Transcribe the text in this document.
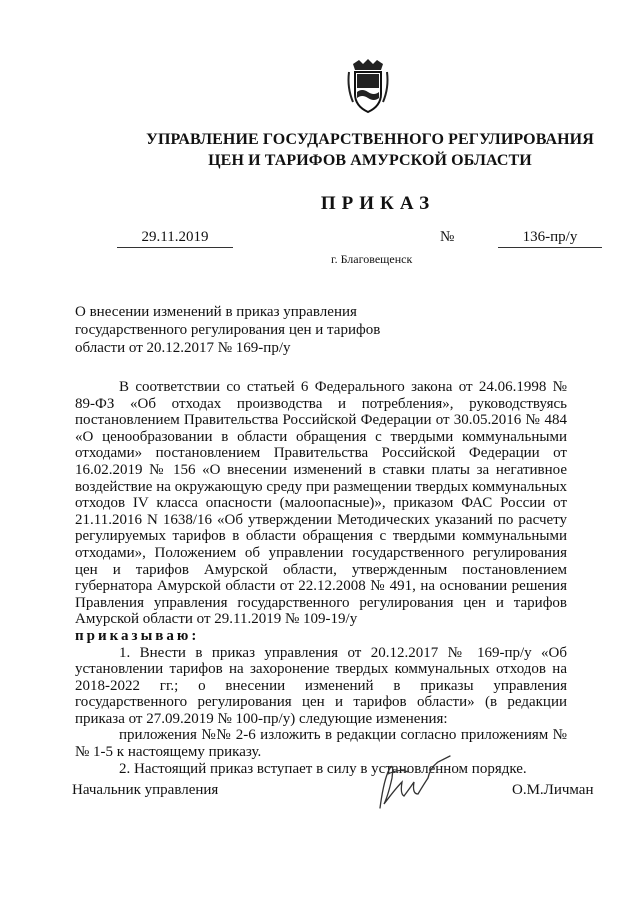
УПРАВЛЕНИЕ ГОСУДАРСТВЕННОГО РЕГУЛИРОВАНИЯ
ЦЕН И ТАРИФОВ АМУРСКОЙ ОБЛАСТИ
ПРИКАЗ
29.11.2019	№	136-пр/у
г. Благовещенск
О внесении изменений в приказ управления
государственного регулирования цен и тарифов
области от 20.12.2017 № 169-пр/у

В соответствии со статьей 6 Федерального закона от 24.06.1998 № 89-ФЗ «Об отходах производства и потребления», руководствуясь постановлением Правительства Российской Федерации от 30.05.2016 № 484 «О ценообразовании в области обращения с твердыми коммунальными отходами» постановлением Правительства Российской Федерации от 16.02.2019 № 156 «О внесении изменений в ставки платы за негативное воздействие на окружающую среду при размещении твердых коммунальных отходов IV класса опасности (малоопасные)», приказом ФАС России от 21.11.2016 N 1638/16 «Об утверждении Методических указаний по расчету регулируемых тарифов в области обращения с твердыми коммунальными отходами», Положением об управлении государственного регулирования цен и тарифов Амурской области, утвержденным постановлением губернатора Амурской области от 22.12.2008 № 491, на основании решения Правления управления государственного регулирования цен и тарифов Амурской области от 29.11.2019 № 109-19/у

приказываю:

1. Внести в приказ управления от 20.12.2017 № 169-пр/у «Об установлении тарифов на захоронение твердых коммунальных отходов на 2018-2022 гг.; о внесении изменений в приказы управления государственного регулирования цен и тарифов области» (в редакции приказа от 27.09.2019 № 100-пр/у) следующие изменения:

приложения №№ 2-6 изложить в редакции согласно приложениям №№ 1-5 к настоящему приказу.

2. Настоящий приказ вступает в силу в установленном порядке.

Начальник управления	О.М.Личман
